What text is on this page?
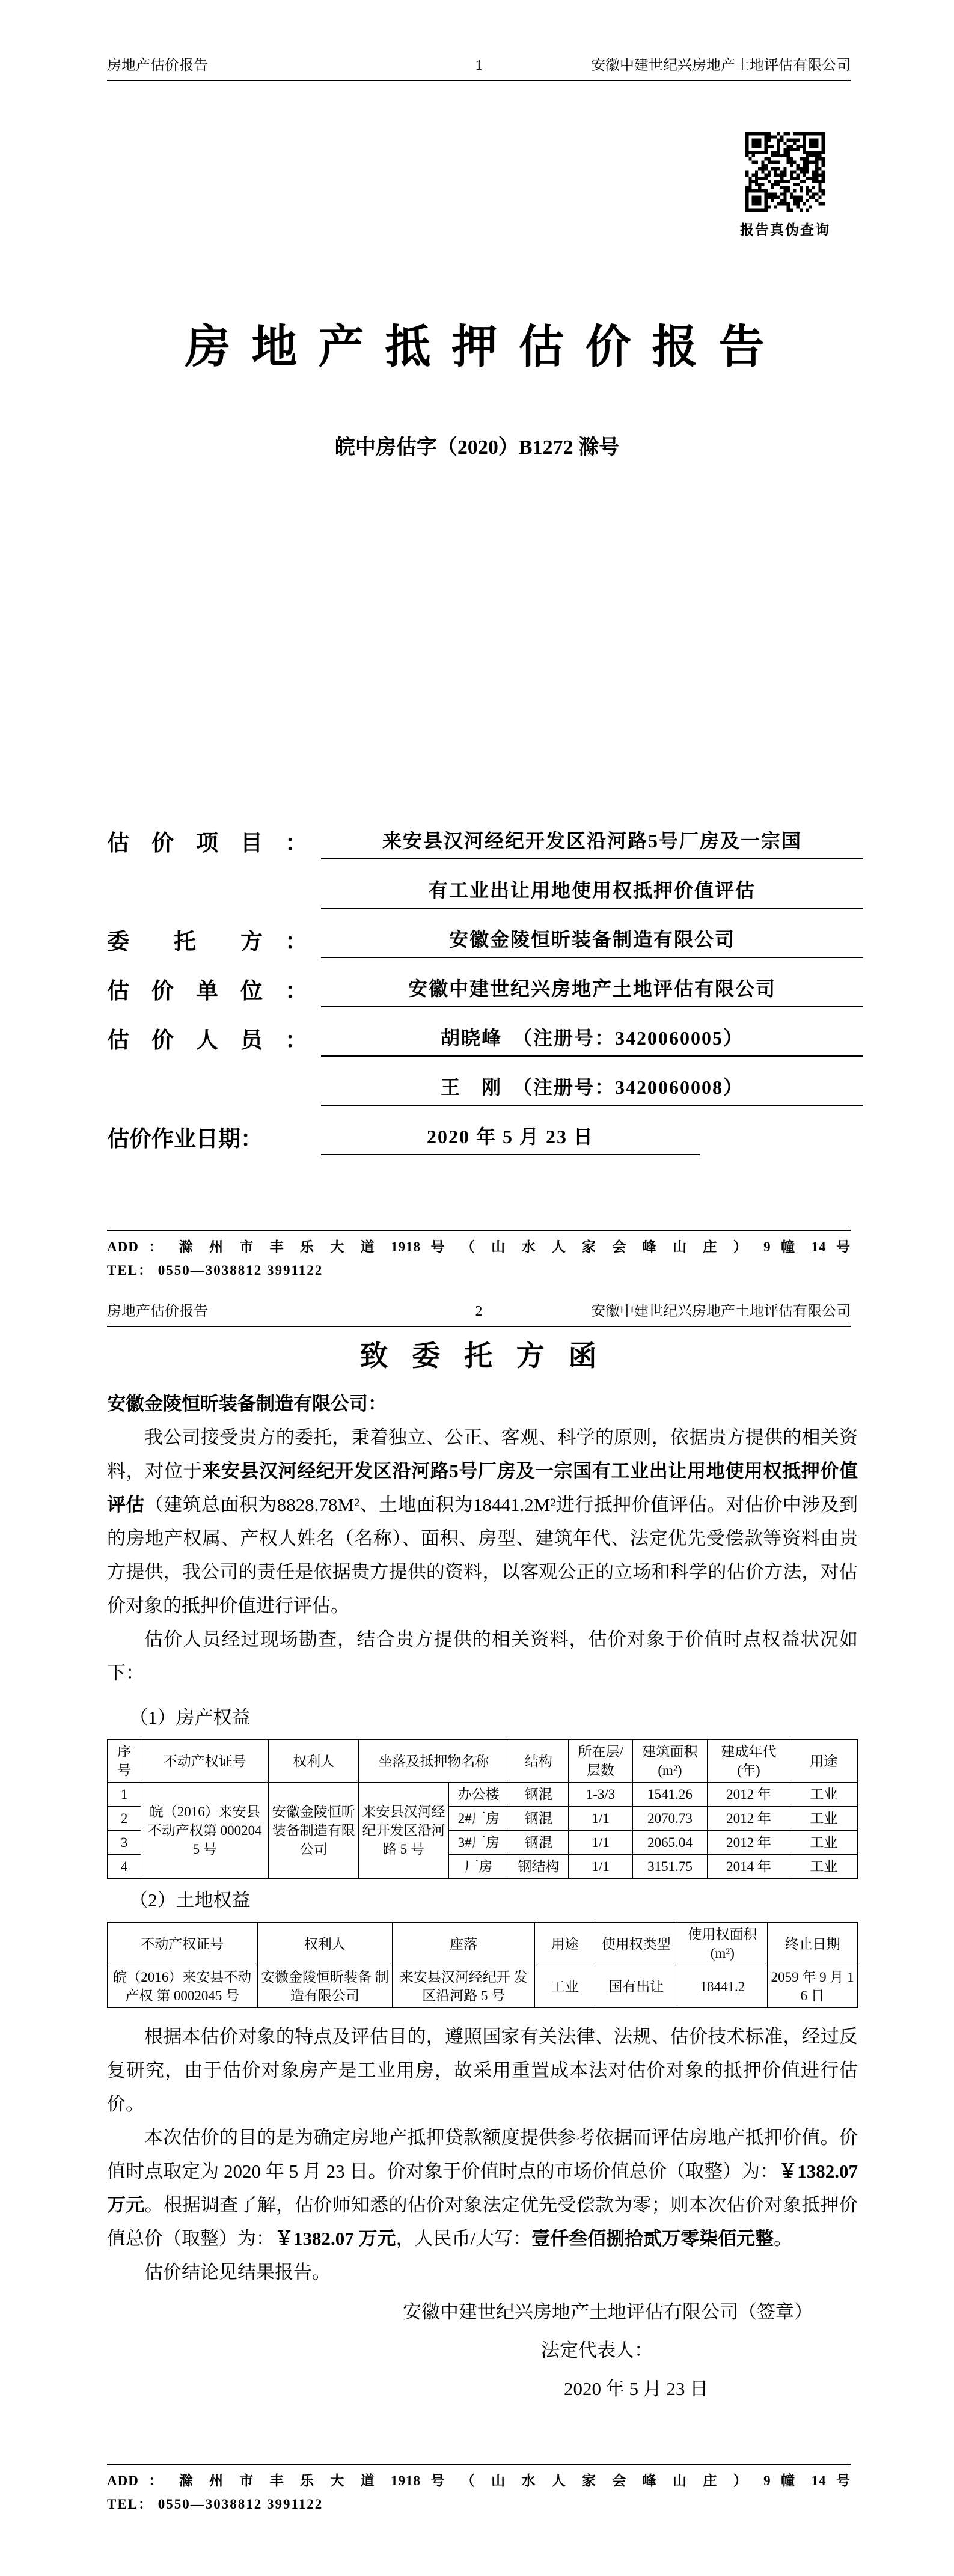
房地产估价报告	1	安徽中建世纪兴房地产土地评估有限公司
报告真伪查询
房 地 产 抵 押 估 价 报 告
皖中房估字（2020）B1272 滁号
估　价　项　目　：	来安县汉河经纪开发区沿河路5号厂房及一宗国
有工业出让用地使用权抵押价值评估
委　　托　　方　：	安徽金陵恒昕装备制造有限公司
估　价　单　位　：	安徽中建世纪兴房地产土地评估有限公司
估　价　人　员　：	胡晓峰　（注册号：3420060005）
王　刚　（注册号：3420060008）
估价作业日期：	2020 年 5 月 23 日
ADD ： 滁 州 市 丰 乐 大 道 1918 号 （ 山 水 人 家 会 峰 山 庄 ） 9 幢 14 号
TEL： 0550—3038812 3991122
房地产估价报告	2	安徽中建世纪兴房地产土地评估有限公司
致 委 托 方 函
安徽金陵恒昕装备制造有限公司：

我公司接受贵方的委托，秉着独立、公正、客观、科学的原则，依据贵方提供的相关资料，对位于来安县汉河经纪开发区沿河路5号厂房及一宗国有工业出让用地使用权抵押价值评估（建筑总面积为8828.78M²、土地面积为18441.2M²进行抵押价值评估。对估价中涉及到的房地产权属、产权人姓名（名称）、面积、房型、建筑年代、法定优先受偿款等资料由贵方提供，我公司的责任是依据贵方提供的资料，以客观公正的立场和科学的估价方法，对估价对象的抵押价值进行评估。

估价人员经过现场勘查，结合贵方提供的相关资料，估价对象于价值时点权益状况如下：

（1）房产权益
序号	不动产权证号	权利人	坐落及抵押物名称		结构	所在层/层数	建筑面积(m²)	建成年代(年)	用途
1	皖（2016）来安县不动产权第 0002045 号	安徽金陵恒昕装备制造有限公司	来安县汉河经纪开发区沿河路 5 号	办公楼	钢混	1-3/3	1541.26	2012 年	工业
2				2#厂房	钢混	1/1	2070.73	2012 年	工业
3				3#厂房	钢混	1/1	2065.04	2012 年	工业
4				厂房	钢结构	1/1	3151.75	2014 年	工业
（2）土地权益
不动产权证号	权利人	座落	用途	使用权类型	使用权面积(m²)	终止日期
皖（2016）来安县不动产权 第 0002045 号	安徽金陵恒昕装备 制造有限公司	来安县汉河经纪开 发区沿河路 5 号	工业	国有出让	18441.2	2059 年 9 月 16 日

根据本估价对象的特点及评估目的，遵照国家有关法律、法规、估价技术标准，经过反复研究，由于估价对象房产是工业用房，故采用重置成本法对估价对象的抵押价值进行估价。

本次估价的目的是为确定房地产抵押贷款额度提供参考依据而评估房地产抵押价值。价值时点取定为 2020 年 5 月 23 日。价对象于价值时点的市场价值总价（取整）为：￥1382.07 万元。根据调查了解，估价师知悉的估价对象法定优先受偿款为零；则本次估价对象抵押价值总价（取整）为：￥1382.07 万元，人民币/大写：壹仟叁佰捌拾贰万零柒佰元整。

估价结论见结果报告。

安徽中建世纪兴房地产土地评估有限公司（签章）
法定代表人：
2020 年 5 月 23 日
ADD ： 滁 州 市 丰 乐 大 道 1918 号 （ 山 水 人 家 会 峰 山 庄 ） 9 幢 14 号
TEL： 0550—3038812 3991122
